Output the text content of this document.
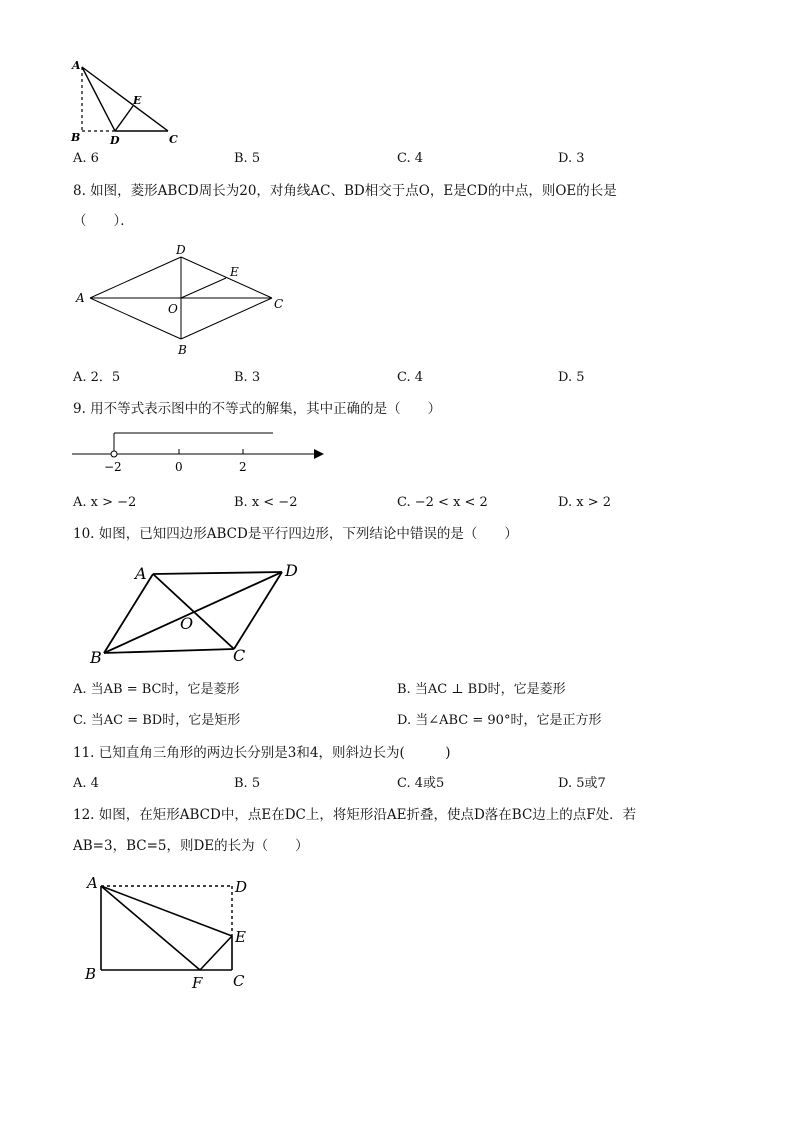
A
E
B	D	C
A. 6	B. 5	C. 4	D. 3
8. 如图，菱形ABCD周长为20，对角线AC、BD相交于点O，E是CD的中点，则OE的长是
（　　）．
A
D
E
C
O
B
A. 2．5	B. 3	C. 4	D. 5
9. 用不等式表示图中的不等式的解集，其中正确的是（　　）
−2	0	2
A. x > −2	B. x < −2	C. −2 < x < 2	D. x > 2
10. 如图，已知四边形ABCD是平行四边形，下列结论中错误的是（　　）
A	D
O
B	C
A. 当AB = BC时，它是菱形	B. 当AC ⊥ BD时，它是菱形
C. 当AC = BD时，它是矩形	D. 当∠ABC = 90°时，它是正方形
11. 已知直角三角形的两边长分别是3和4，则斜边长为(　　　)
A. 4	B. 5	C. 4或5	D. 5或7
12. 如图，在矩形ABCD中，点E在DC上，将矩形沿AE折叠，使点D落在BC边上的点F处．若
AB=3，BC=5，则DE的长为（　　）
A	D
E
B	F C
